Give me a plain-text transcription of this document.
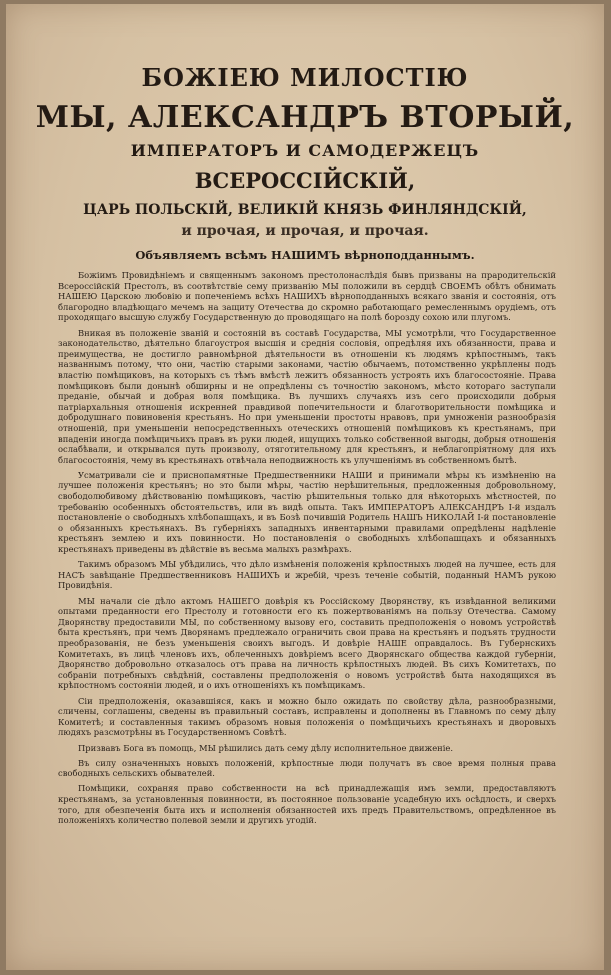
БОЖІЕЮ МИЛОСТІЮ
МЫ, АЛЕКСАНДРЪ ВТОРЫЙ,
ИМПЕРАТОРЪ И САМОДЕРЖЕЦЪ
ВСЕРОССІЙСКІЙ,
ЦАРЬ ПОЛЬСКІЙ, ВЕЛИКІЙ КНЯЗЬ ФИНЛЯНДСКІЙ,
и прочая, и прочая, и прочая.
Объявляемъ всѣмъ НАШИМЪ вѣрноподданнымъ.

Божіимъ Провидѣніемъ и священнымъ закономъ престолонаслѣдія бывъ призваны на прародительскій Всероссійскій Престолъ, въ соотвѣтствіе сему призванію МЫ положили въ сердцѣ СВОЕМЪ обѣтъ обнимать НАШЕЮ Царскою любовію и попеченіемъ всѣхъ НАШИХЪ вѣрноподданныхъ всякаго званія и состоянія, отъ благородно владѣющаго мечемъ на защиту Отечества до скромно работающаго ремесленнымъ орудіемъ, отъ проходящаго высшую службу Государственную до проводящаго на полѣ борозду сохою или плугомъ.

Вникая въ положеніе званій и состояній въ составѣ Государства, МЫ усмотрѣли, что Государственное законодательство, дѣятельно благоустроя высшія и среднія сословія, опредѣляя ихъ обязанности, права и преимущества, не достигло равномѣрной дѣятельности въ отношеніи къ людямъ крѣпостнымъ, такъ названнымъ потому, что они, частію старыми законами, частію обычаемъ, потомственно укрѣплены подъ властію помѣщиковъ, на которыхъ съ тѣмъ вмѣстѣ лежитъ обязанность устроять ихъ благосостояніе. Права помѣщиковъ были донынѣ обширны и не опредѣлены съ точностію закономъ, мѣсто котораго заступали преданіе, обычай и добрая воля помѣщика. Въ лучшихъ случаяхъ изъ сего происходили добрыя патріархальныя отношенія искренней правдивой попечительности и благотворительности помѣщика и добродушнаго повиновенія крестьянъ. Но при уменьшеніи простоты нравовъ, при умноженіи разнообразія отношеній, при уменьшеніи непосредственныхъ отеческихъ отношеній помѣщиковъ къ крестьянамъ, при впаденіи иногда помѣщичьихъ правъ въ руки людей, ищущихъ только собственной выгоды, добрыя отношенія ослабѣвали, и открывался путь произволу, отяготительному для крестьянъ, и неблагопріятному для ихъ благосостоянія, чему въ крестьянахъ отвѣчала неподвижность къ улучшеніямъ въ собственномъ бытѣ.

Усматривали сіе и приснопамятные Предшественники НАШИ и принимали мѣры къ измѣненію на лучшее положенія крестьянъ; но это были мѣры, частію нерѣшительныя, предложенныя добровольному, свободолюбивому дѣйствованію помѣщиковъ, частію рѣшительныя только для нѣкоторыхъ мѣстностей, по требованію особенныхъ обстоятельствъ, или въ видѣ опыта. Такъ ИМПЕРАТОРЪ АЛЕКСАНДРЪ I-й издалъ постановленіе о свободныхъ хлѣбопашцахъ, и въ Бозѣ почившій Родитель НАШЪ НИКОЛАЙ I-й постановленіе о обязанныхъ крестьянахъ. Въ губерніяхъ западныхъ инвентарными правилами опредѣлены надѣленіе крестьянъ землею и ихъ повинности. Но постановленія о свободныхъ хлѣбопашцахъ и обязанныхъ крестьянахъ приведены въ дѣйствіе въ весьма малыхъ размѣрахъ.

Такимъ образомъ МЫ убѣдились, что дѣло измѣненія положенія крѣпостныхъ людей на лучшее, есть для НАСЪ завѣщаніе Предшественниковъ НАШИХЪ и жребій, чрезъ теченіе событій, поданный НАМЪ рукою Провидѣнія.

МЫ начали сіе дѣло актомъ НАШЕГО довѣрія къ Россійскому Дворянству, къ извѣданной великими опытами преданности его Престолу и готовности его къ пожертвованіямъ на пользу Отечества. Самому Дворянству предоставили МЫ, по собственному вызову его, составить предположенія о новомъ устройствѣ быта крестьянъ, при чемъ Дворянамъ предлежало ограничить свои права на крестьянъ и подъять трудности преобразованія, не безъ уменьшенія своихъ выгодъ. И довѣріе НАШЕ оправдалось. Въ Губернскихъ Комитетахъ, въ лицѣ членовъ ихъ, облеченныхъ довѣріемъ всего Дворянскаго общества каждой губерніи, Дворянство добровольно отказалось отъ права на личность крѣпостныхъ людей. Въ сихъ Комитетахъ, по собраніи потребныхъ свѣдѣній, составлены предположенія о новомъ устройствѣ быта находящихся въ крѣпостномъ состояніи людей, и о ихъ отношеніяхъ къ помѣщикамъ.

Сіи предположенія, оказавшіяся, какъ и можно было ожидать по свойству дѣла, разнообразными, сличены, соглашены, сведены въ правильный составъ, исправлены и дополнены въ Главномъ по сему дѣлу Комитетѣ; и составленныя такимъ образомъ новыя положенія о помѣщичьихъ крестьянахъ и дворовыхъ людяхъ разсмотрѣны въ Государственномъ Совѣтѣ.

Призвавъ Бога въ помощь, МЫ рѣшились дать сему дѣлу исполнительное движеніе.

Въ силу означенныхъ новыхъ положеній, крѣпостные люди получатъ въ свое время полныя права свободныхъ сельскихъ обывателей.

Помѣщики, сохраняя право собственности на всѣ принадлежащія имъ земли, предоставляютъ крестьянамъ, за установленныя повинности, въ постоянное пользованіе усадебную ихъ осѣдлость, и сверхъ того, для обезпеченія быта ихъ и исполненія обязанностей ихъ предъ Правительствомъ, опредѣленное въ положеніяхъ количество полевой земли и другихъ угодій.
